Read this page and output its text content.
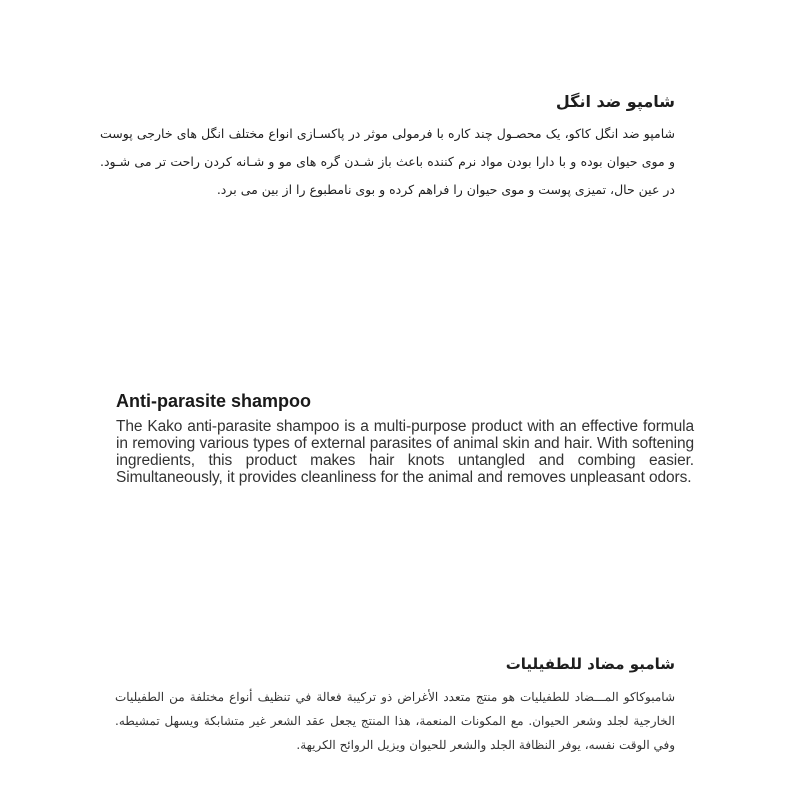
شامپو ضد انگل

شامپو ضد انگل کاکو، یک محصـول چند کاره با فرمولی موثر در پاکسـازی انواع مختلف انگل های خارجی پوست و موی حیوان بوده و با دارا بودن مواد نرم کننده باعث باز شـدن گره های مو و شـانه کردن راحت تر می شـود. در عین حال، تمیزی پوست و موی حیوان را فراهم کرده و بوی نامطبوع را از بین می برد.

Anti-parasite shampoo

The Kako anti-parasite shampoo is a multi-purpose product with an effective formula in removing various types of external parasites of animal skin and hair. With softening ingredients, this product makes hair knots untangled and combing easier. Simultaneously, it provides cleanliness for the animal and removes unpleasant odors.

شامبو مضاد للطفيليات

شامبوكاكو المـــضاد للطفيليات هو منتج متعدد الأغراض ذو تركيبة فعالة في تنظيف أنواع مختلفة من الطفيليات الخارجية لجلد وشعر الحيوان. مع المكونات المنعمة، هذا المنتج يجعل عقد الشعر غير متشابكة ويسهل تمشيطه. وفي الوقت نفسه، يوفر النظافة الجلد والشعر للحيوان ويزيل الروائح الكريهة.
